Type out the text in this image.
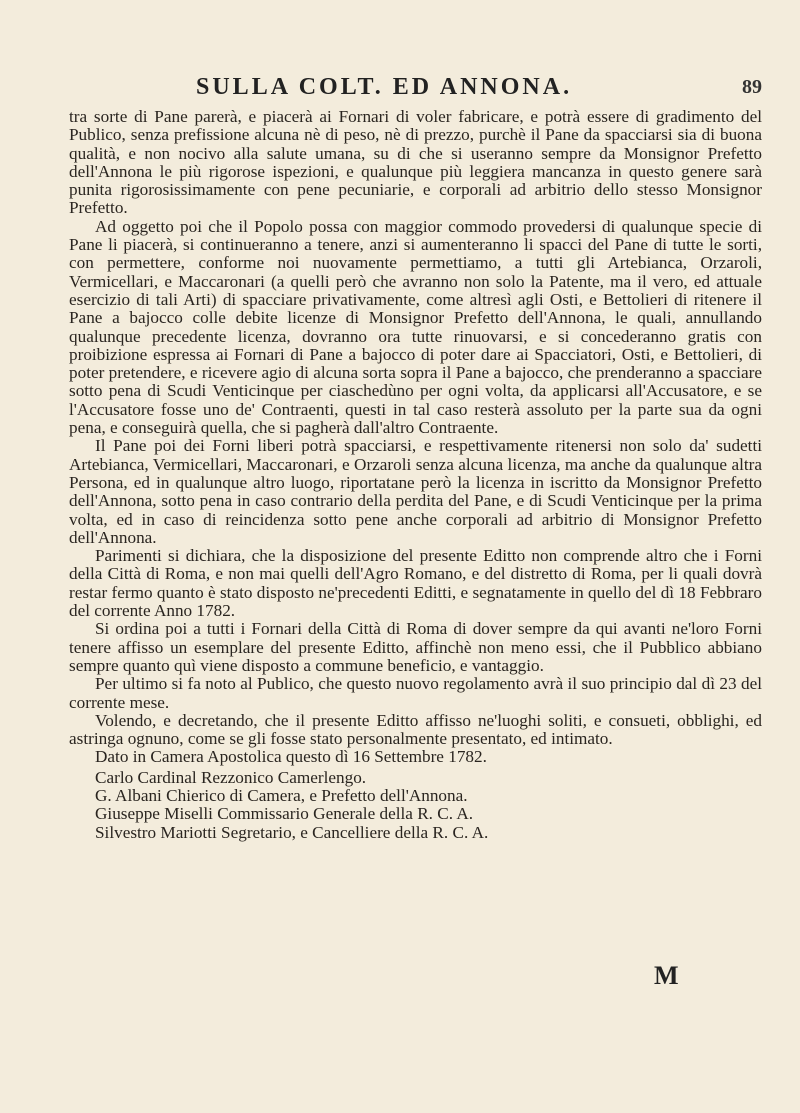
SULLA COLT. ED ANNONA.	89

tra sorte di Pane parerà, e piacerà ai Fornari di voler fabricare, e potrà essere di gradimento del Publico, senza prefissione alcuna nè di peso, nè di prezzo, purchè il Pane da spacciarsi sia di buona qualità, e non nocivo alla salute umana, su di che si useranno sempre da Monsignor Prefetto dell'Annona le più rigorose ispezioni, e qualunque più leggiera mancanza in questo genere sarà punita rigorosissimamente con pene pecuniarie, e corporali ad arbitrio dello stesso Monsignor Prefetto.

Ad oggetto poi che il Popolo possa con maggior commodo provedersi di qualunque specie di Pane li piacerà, si continueranno a tenere, anzi si aumenteranno li spacci del Pane di tutte le sorti, con permettere, conforme noi nuovamente permettiamo, a tutti gli Artebianca, Orzaroli, Vermicellari, e Maccaronari (a quelli però che avranno non solo la Patente, ma il vero, ed attuale esercizio di tali Arti) di spacciare privativamente, come altresì agli Osti, e Bettolieri di ritenere il Pane a bajocco colle debite licenze di Monsignor Prefetto dell'Annona, le quali, annullando qualunque precedente licenza, dovranno ora tutte rinuovarsi, e si concederanno gratis con proibizione espressa ai Fornari di Pane a bajocco di poter dare ai Spacciatori, Osti, e Bettolieri, di poter pretendere, e ricevere agio di alcuna sorta sopra il Pane a bajocco, che prenderanno a spacciare sotto pena di Scudi Venticinque per ciaschedùno per ogni volta, da applicarsi all'Accusatore, e se l'Accusatore fosse uno de' Contraenti, questi in tal caso resterà assoluto per la parte sua da ogni pena, e conseguirà quella, che si pagherà dall'altro Contraente.

Il Pane poi dei Forni liberi potrà spacciarsi, e respettivamente ritenersi non solo da' sudetti Artebianca, Vermicellari, Maccaronari, e Orzaroli senza alcuna licenza, ma anche da qualunque altra Persona, ed in qualunque altro luogo, riportatane però la licenza in iscritto da Monsignor Prefetto dell'Annona, sotto pena in caso contrario della perdita del Pane, e di Scudi Venticinque per la prima volta, ed in caso di reincidenza sotto pene anche corporali ad arbitrio di Monsignor Prefetto dell'Annona.

Parimenti si dichiara, che la disposizione del presente Editto non comprende altro che i Forni della Città di Roma, e non mai quelli dell'Agro Romano, e del distretto di Roma, per li quali dovrà restar fermo quanto è stato disposto ne'precedenti Editti, e segnatamente in quello del dì 18 Febbraro del corrente Anno 1782.

Si ordina poi a tutti i Fornari della Città di Roma di dover sempre da qui avanti ne'loro Forni tenere affisso un esemplare del presente Editto, affinchè non meno essi, che il Pubblico abbiano sempre quanto quì viene disposto a commune beneficio, e vantaggio.

Per ultimo si fa noto al Publico, che questo nuovo regolamento avrà il suo principio dal dì 23 del corrente mese.

Volendo, e decretando, che il presente Editto affisso ne'luoghi soliti, e consueti, obblighi, ed astringa ognuno, come se gli fosse stato personalmente presentato, ed intimato.

Dato in Camera Apostolica questo dì 16 Settembre 1782.

Carlo Cardinal Rezzonico Camerlengo.

G. Albani Chierico di Camera, e Prefetto dell'Annona.

Giuseppe Miselli Commissario Generale della R. C. A.

Silvestro Mariotti Segretario, e Cancelliere della R. C. A.

M
